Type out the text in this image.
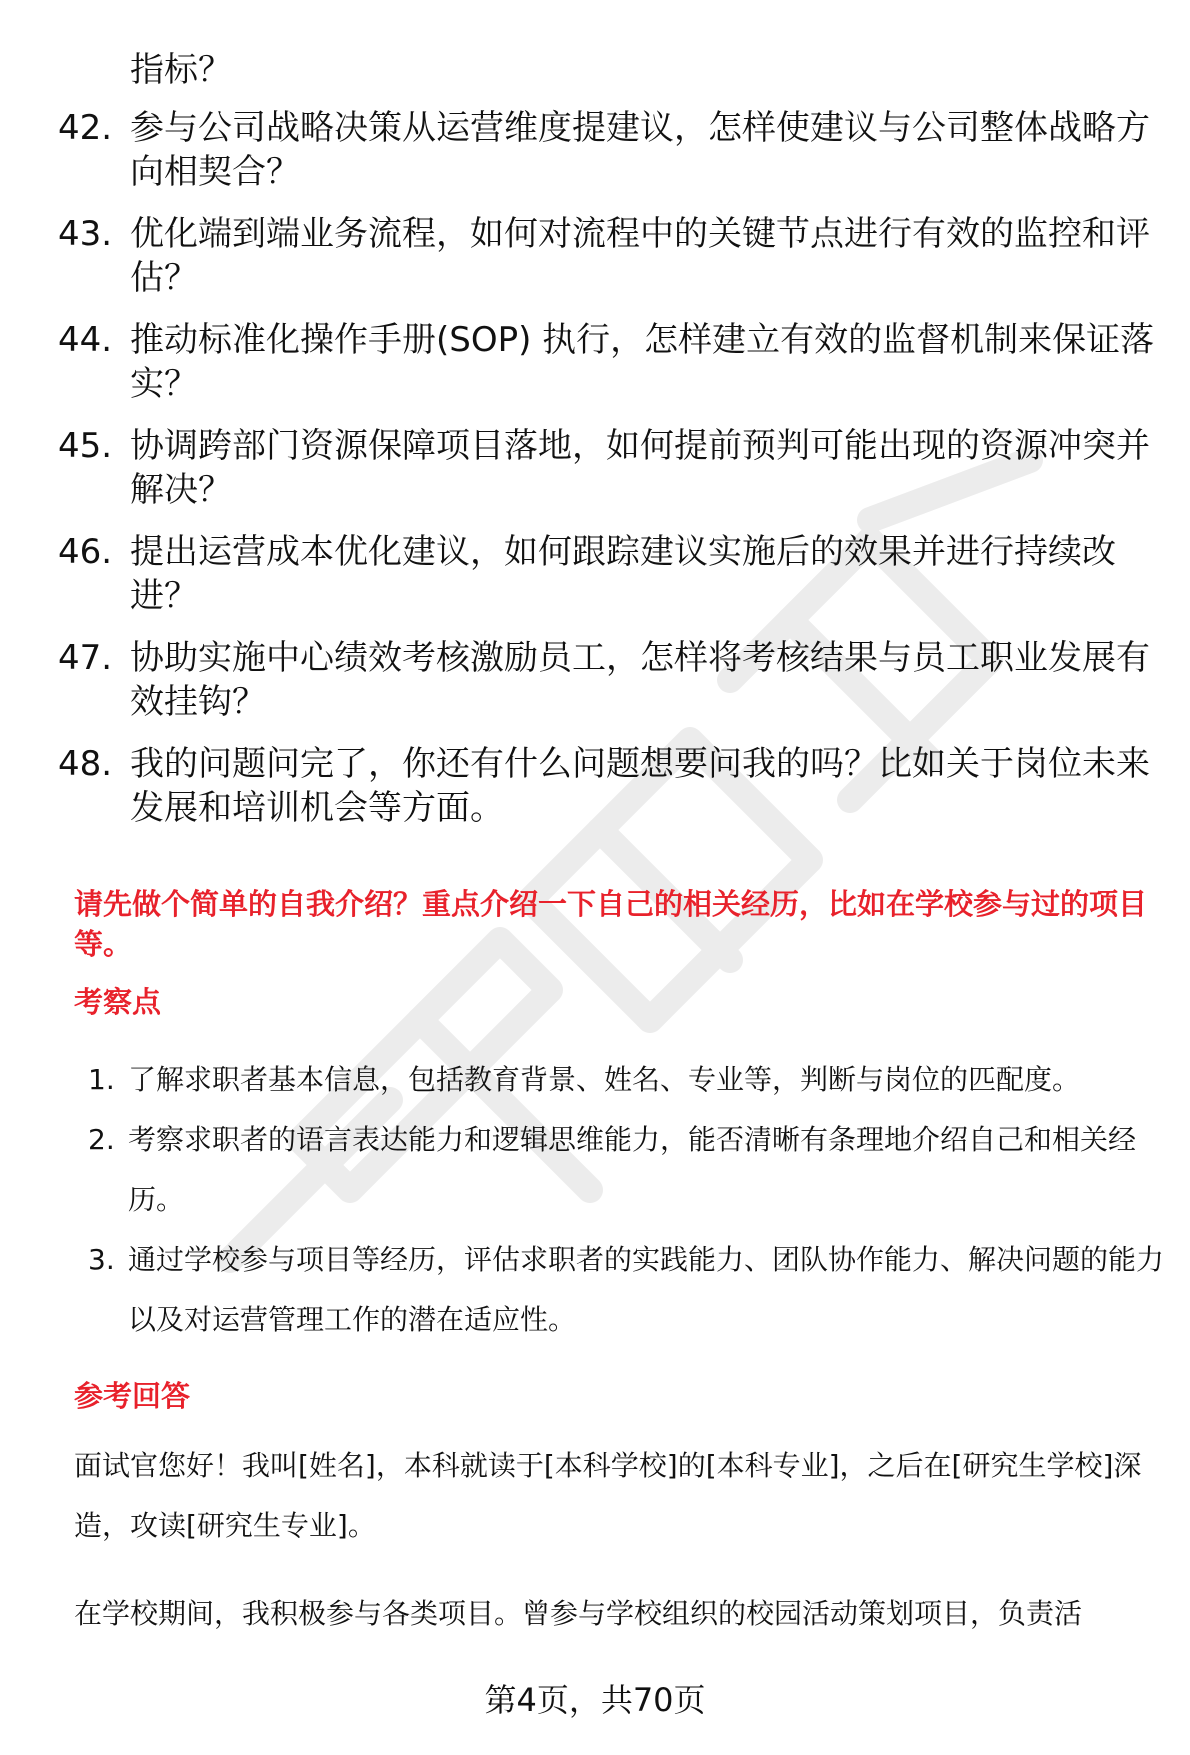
指标？

42. 参与公司战略决策从运营维度提建议，怎样使建议与公司整体战略方向相契合？
43. 优化端到端业务流程，如何对流程中的关键节点进行有效的监控和评估？
44. 推动标准化操作手册(SOP) 执行，怎样建立有效的监督机制来保证落实？
45. 协调跨部门资源保障项目落地，如何提前预判可能出现的资源冲突并解决？
46. 提出运营成本优化建议，如何跟踪建议实施后的效果并进行持续改进？
47. 协助实施中心绩效考核激励员工，怎样将考核结果与员工职业发展有效挂钩？
48. 我的问题问完了，你还有什么问题想要问我的吗？比如关于岗位未来发展和培训机会等方面。
请先做个简单的自我介绍？重点介绍一下自己的相关经历，比如在学校参与过的项目等。
考察点
1. 了解求职者基本信息，包括教育背景、姓名、专业等，判断与岗位的匹配度。
2. 考察求职者的语言表达能力和逻辑思维能力，能否清晰有条理地介绍自己和相关经历。
3. 通过学校参与项目等经历，评估求职者的实践能力、团队协作能力、解决问题的能力以及对运营管理工作的潜在适应性。
参考回答

面试官您好！我叫[姓名]，本科就读于[本科学校]的[本科专业]，之后在[研究生学校]深造，攻读[研究生专业]。

在学校期间，我积极参与各类项目。曾参与学校组织的校园活动策划项目，负责活

第4页，共70页
